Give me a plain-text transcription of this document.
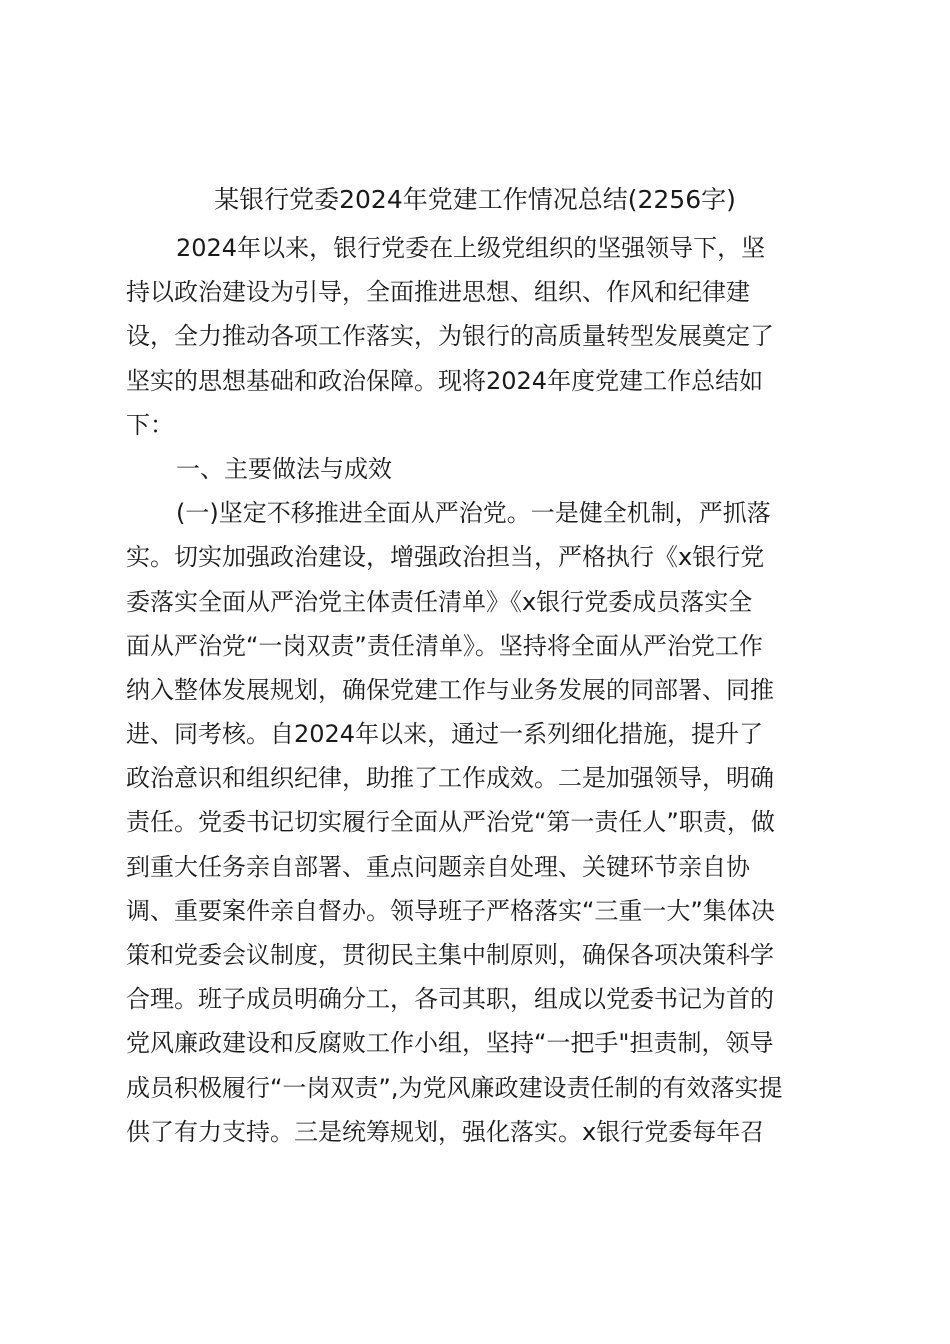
某银行党委2024年党建工作情况总结(2256字)
2024年以来，银行党委在上级党组织的坚强领导下，坚
持以政治建设为引导，全面推进思想、组织、作风和纪律建
设，全力推动各项工作落实，为银行的高质量转型发展奠定了
坚实的思想基础和政治保障。现将2024年度党建工作总结如
下：
一、主要做法与成效
(一)坚定不移推进全面从严治党。一是健全机制，严抓落
实。切实加强政治建设，增强政治担当，严格执行《x银行党
委落实全面从严治党主体责任清单》《x银行党委成员落实全
面从严治党“一岗双责”责任清单》。坚持将全面从严治党工作
纳入整体发展规划，确保党建工作与业务发展的同部署、同推
进、同考核。自2024年以来，通过一系列细化措施，提升了
政治意识和组织纪律，助推了工作成效。二是加强领导，明确
责任。党委书记切实履行全面从严治党“第一责任人”职责，做
到重大任务亲自部署、重点问题亲自处理、关键环节亲自协
调、重要案件亲自督办。领导班子严格落实“三重一大”集体决
策和党委会议制度，贯彻民主集中制原则，确保各项决策科学
合理。班子成员明确分工，各司其职，组成以党委书记为首的
党风廉政建设和反腐败工作小组，坚持“一把手"担责制，领导
成员积极履行“一岗双责”,为党风廉政建设责任制的有效落实提
供了有力支持。三是统筹规划，强化落实。x银行党委每年召
